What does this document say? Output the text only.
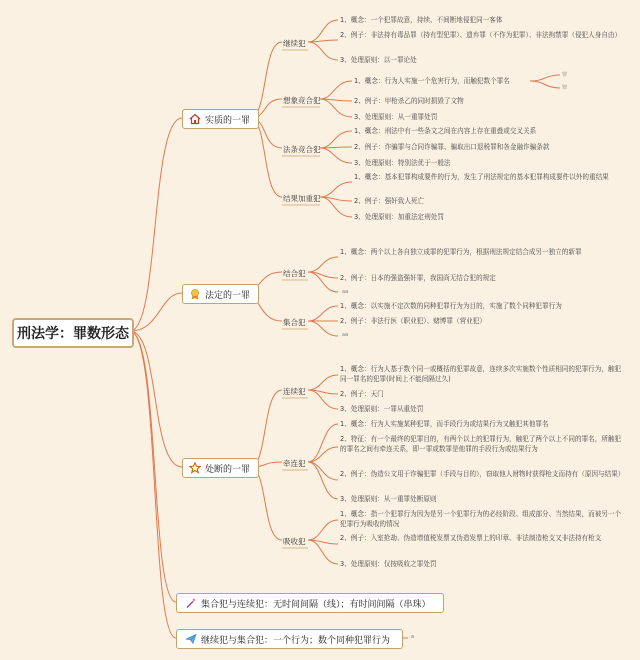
刑法学：罪数形态
实质的一罪
法定的一罪
处断的一罪
集合犯与连续犯：无时间间隔（线）；有时间间隔（串珠）
继续犯与集合犯：一个行为；数个同种犯罪行为	a
继续犯
想象竞合犯
法条竞合犯
结果加重犯
结合犯
集合犯
连续犯
牵连犯
吸收犯
1、概念：一个犯罪故意，持续、不间断地侵犯同一客体
2、例子：非法持有毒品罪（持有型犯罪）、遗弃罪（不作为犯罪）、非法拘禁罪（侵犯人身自由）
3、处理原则：以一罪论处
1、概念：行为人实施一个危害行为，而触犯数个罪名
罪
罪
2、例子：甲枪杀乙的同时损毁了文物
3、处理原则：从一重罪处罚
1、概念：刑法中有一些条文之间在内容上存在重叠或交叉关系
2、例子：诈骗罪与合同诈骗罪、骗取出口退税罪和各金融诈骗条款
3、处理原则：特别法优于一般法
1、概念：基本犯罪构成要件的行为，发生了刑法规定的基本犯罪构成要件以外的重结果
2、例子：强奸致人死亡
3、处理原则：加重法定刑处罚
1、概念：两个以上各自独立成罪的犯罪行为，根据刑法规定结合成另一独立的新罪
2、例子：日本的强盗强奸罪，我国尚无结合犯的规定
aa
1、概念：以实施不定次数的同种犯罪行为为目的，实施了数个同种犯罪行为
2、例子：非法行医（职业犯）、赌博罪（营业犯）
aa
1、概念：行为人基于数个同一或概括的犯罪故意，连续多次实施数个性质相同的犯罪行为，触犯同一罪名的犯罪(时间上不能间隔过久)
2、例子：天门
3、处理原则：一罪从重处罚
1、概念：行为人实施某种犯罪，而手段行为或结果行为又触犯其他罪名
2、特征：有一个最终的犯罪目的，有两个以上的犯罪行为，触犯了两个以上不同的罪名，所触犯的罪名之间有牵连关系，即一罪或数罪是他罪的手段行为或结果行为
2、例子：伪造公文用于诈骗犯罪（手段与目的），窃取他人财物时获得枪支而持有（原因与结果）
3、处理原则：从一重罪处断原则
1、概念：指一个犯罪行为因为是另一个犯罪行为的必经阶段、组成部分、当然结果，而被另一个犯罪行为吸收的情况
2、例子：入室抢劫、伪造增值税发票又伪造发票上的印章、非法制造枪支又非法持有枪支
3、处理原则：仅按吸收之罪处罚
